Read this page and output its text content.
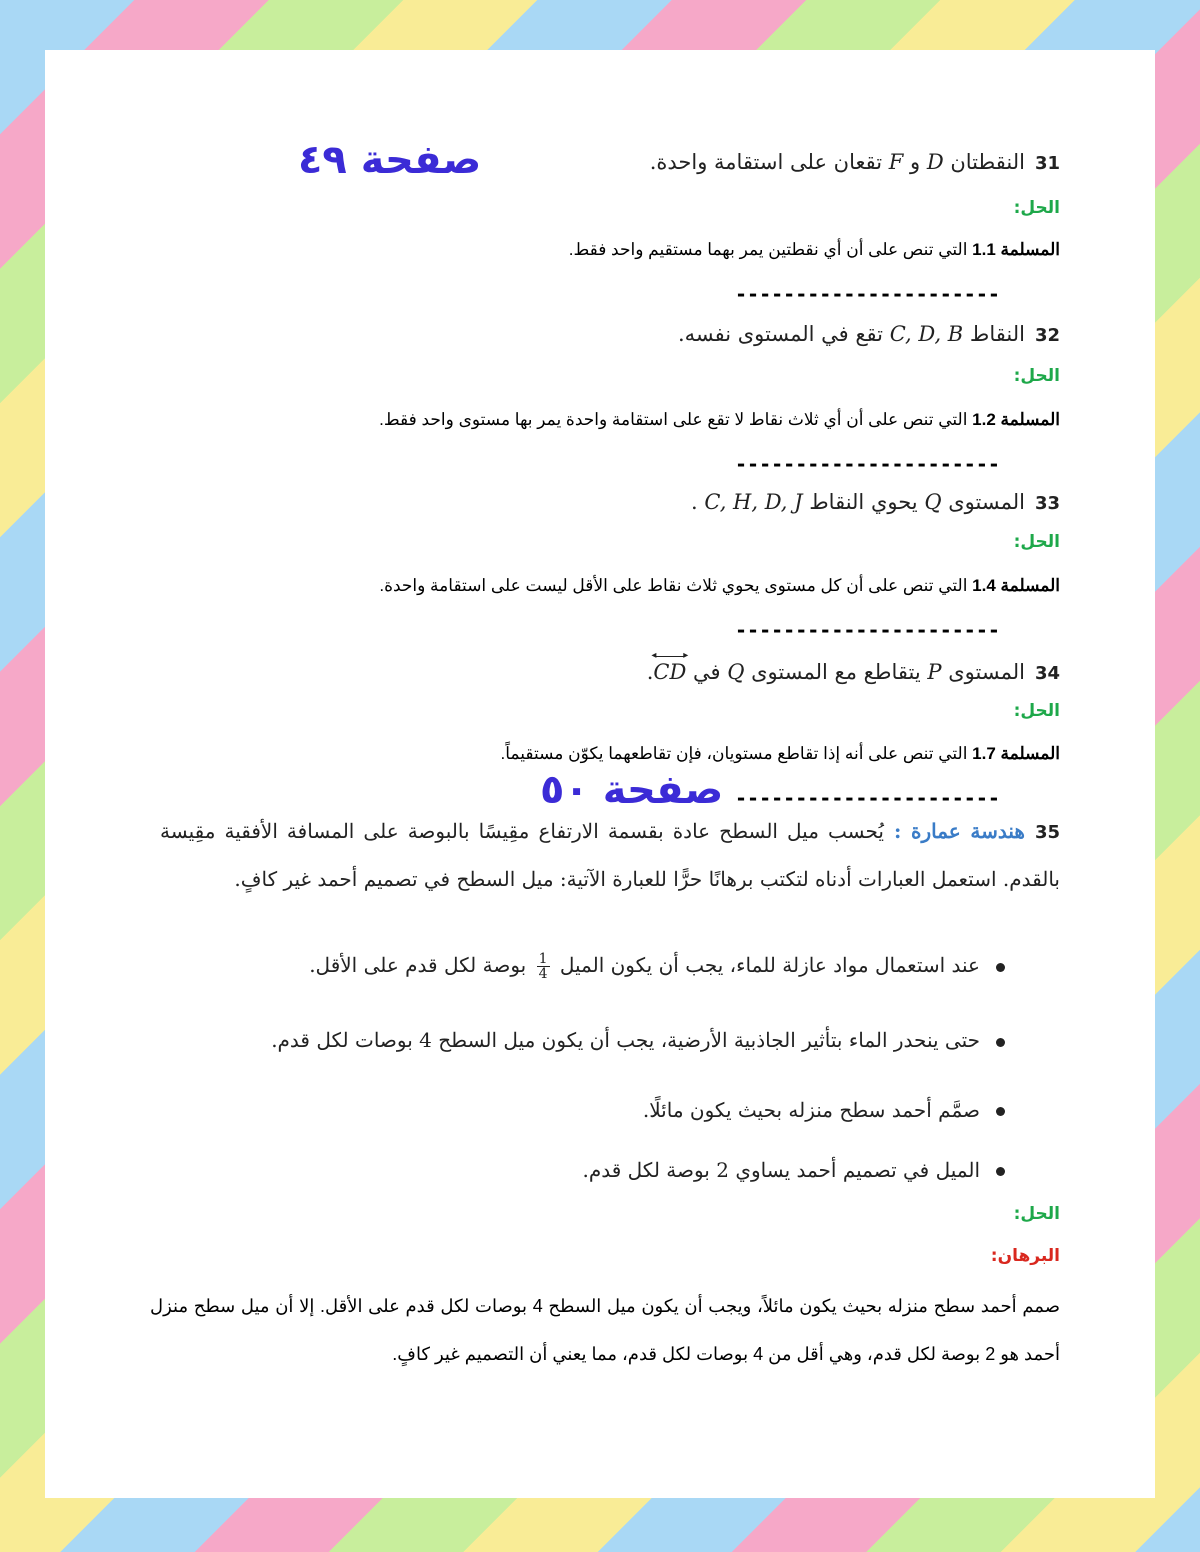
صفحة ٤٩
صفحة ٥٠
31النقطتان D و F تقعان على استقامة واحدة.
الحل:
المسلمة 1.1 التي تنص على أن أي نقطتين يمر بهما مستقيم واحد فقط.
----------------------
32النقاط C, D, B تقع في المستوى نفسه.
الحل:
المسلمة 1.2 التي تنص على أن أي ثلاث نقاط لا تقع على استقامة واحدة يمر بها مستوى واحد فقط.
----------------------
33المستوى Q يحوي النقاط C, H, D, J .
الحل:
المسلمة 1.4 التي تنص على أن كل مستوى يحوي ثلاث نقاط على الأقل ليست على استقامة واحدة.
----------------------
34المستوى P يتقاطع مع المستوى Q في
◂	▸
CD.
الحل:
المسلمة 1.7 التي تنص على أنه إذا تقاطع مستويان، فإن تقاطعهما يكوّن مستقيماً.
----------------------
35هندسة عمارة :يُحسب ميل السطح عادة بقسمة الارتفاع مقِيسًا بالبوصة على المسافة الأفقية مقِيسة بالقدم. استعمل العبارات أدناه لتكتب برهانًا حرًّا للعبارة الآتية: ميل السطح في تصميم أحمد غير كافٍ.
عند استعمال مواد عازلة للماء، يجب أن يكون الميل
$\frac{1}{4}$
بوصة لكل قدم على الأقل.
حتى ينحدر الماء بتأثير الجاذبية الأرضية، يجب أن يكون ميل السطح 4 بوصات لكل قدم.
صمَّم أحمد سطح منزله بحيث يكون مائلًا.
الميل في تصميم أحمد يساوي 2 بوصة لكل قدم.
الحل:
البرهان:
صمم أحمد سطح منزله بحيث يكون مائلاً، ويجب أن يكون ميل السطح 4 بوصات لكل قدم على الأقل. إلا أن ميل سطح منزل أحمد هو 2 بوصة لكل قدم، وهي أقل من 4 بوصات لكل قدم، مما يعني أن التصميم غير كافٍ.
